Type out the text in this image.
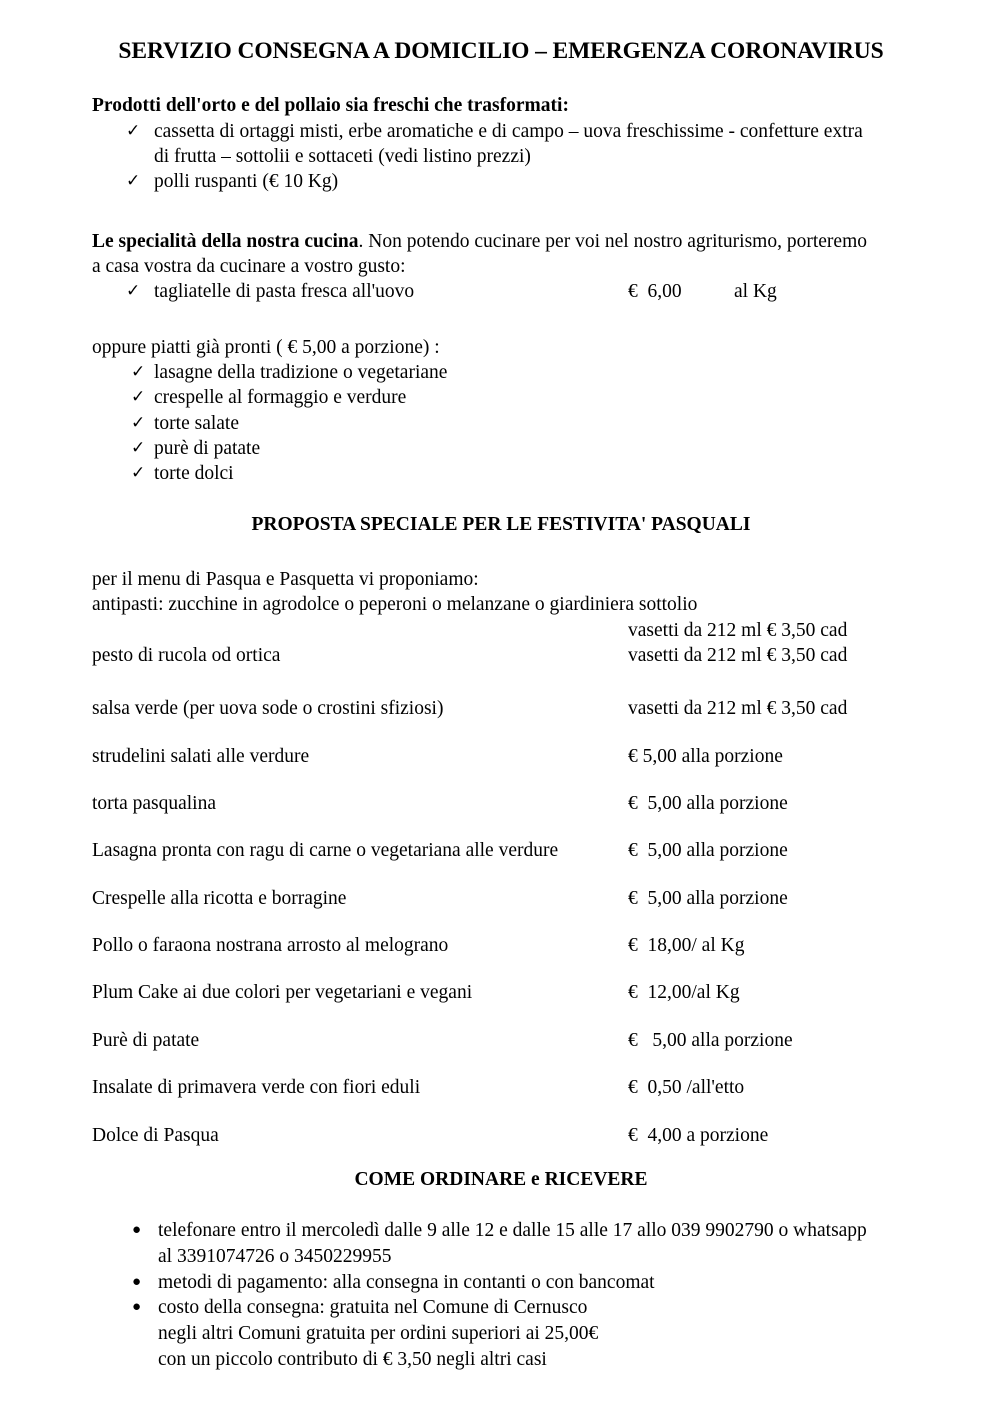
SERVIZIO CONSEGNA A DOMICILIO – EMERGENZA CORONAVIRUS

Prodotti dell'orto e del pollaio sia freschi che trasformati:

✓ cassetta di ortaggi misti, erbe aromatiche e di campo – uova freschissime - confetture extra
di frutta – sottolii e sottaceti (vedi listino prezzi)
✓ polli ruspanti (€ 10 Kg)

Le specialità della nostra cucina. Non potendo cucinare per voi nel nostro agriturismo, porteremo

a casa vostra da cucinare a vostro gusto:

✓ tagliatelle di pasta fresca all'uovo	€  6,00	al Kg

oppure piatti già pronti ( € 5,00 a porzione) :

✓ lasagne della tradizione o vegetariane
✓ crespelle al formaggio e verdure
✓ torte salate
✓ purè di patate
✓ torte dolci
PROPOSTA SPECIALE PER LE FESTIVITA' PASQUALI

per il menu di Pasqua e Pasquetta vi proponiamo:

antipasti: zucchine in agrodolce o peperoni o melanzane o giardiniera sottolio

vasetti da 212 ml € 3,50 cad
pesto di rucola od ortica	vasetti da 212 ml € 3,50 cad
salsa verde (per uova sode o crostini sfiziosi)	vasetti da 212 ml € 3,50 cad
strudelini salati alle verdure	€ 5,00 alla porzione
torta pasqualina	€  5,00 alla porzione
Lasagna pronta con ragu di carne o vegetariana alle verdure	€  5,00 alla porzione
Crespelle alla ricotta e borragine	€  5,00 alla porzione
Pollo o faraona nostrana arrosto al melograno	€  18,00/ al Kg
Plum Cake ai due colori per vegetariani e vegani	€  12,00/al Kg
Purè di patate	€   5,00 alla porzione
Insalate di primavera verde con fiori eduli	€  0,50 /all'etto
Dolce di Pasqua	€  4,00 a porzione
COME ORDINARE e RICEVERE
● telefonare entro il mercoledì dalle 9 alle 12 e dalle 15 alle 17 allo 039 9902790 o whatsapp
al 3391074726 o 3450229955
● metodi di pagamento: alla consegna in contanti o con bancomat
● costo della consegna: gratuita nel Comune di Cernusco
negli altri Comuni gratuita per ordini superiori ai 25,00€
con un piccolo contributo di € 3,50 negli altri casi
